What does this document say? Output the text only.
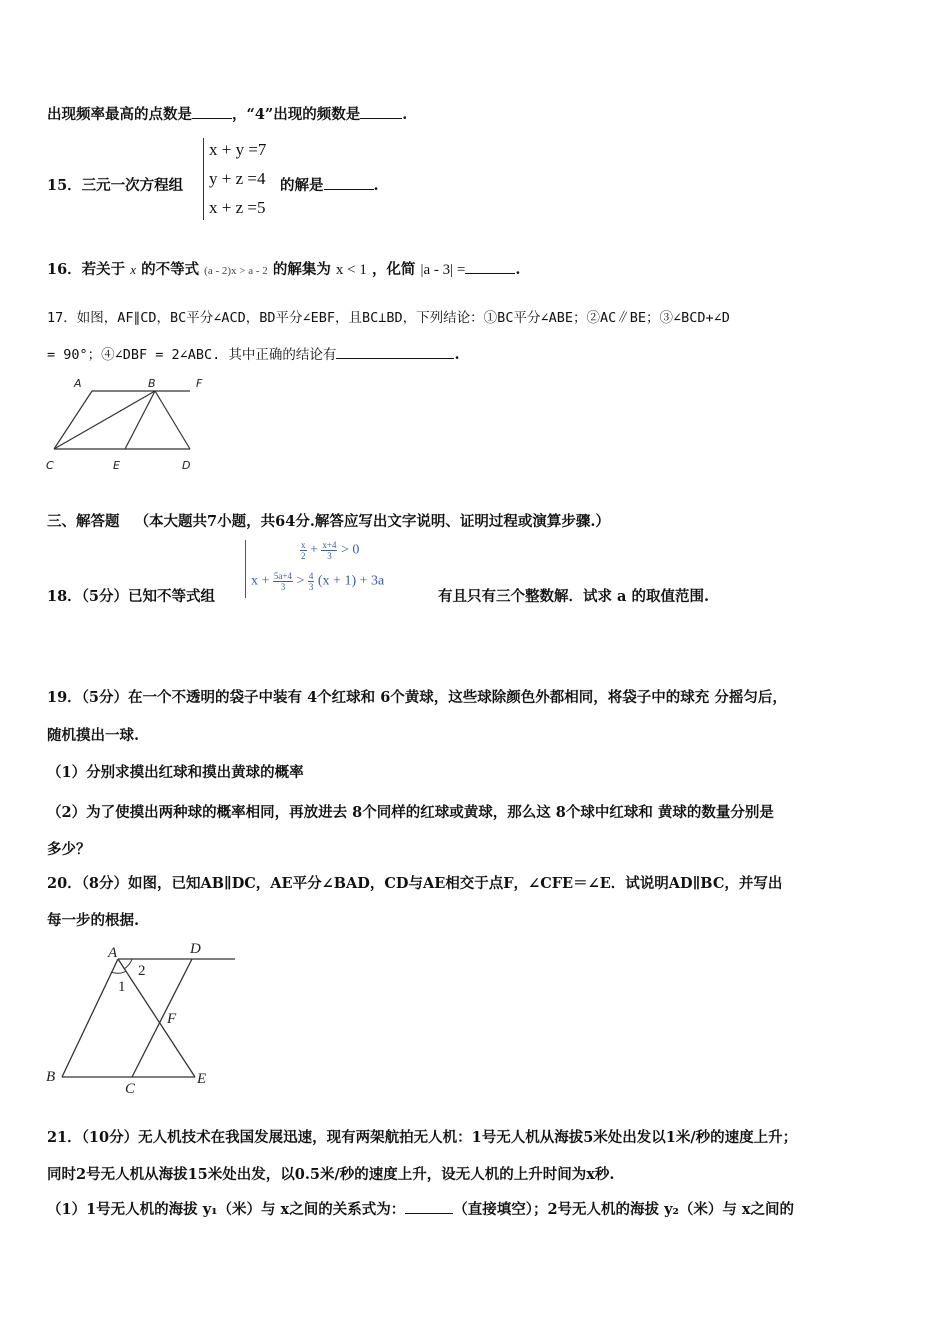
出现频率最高的点数是	，“4”出现的频数是	.
15．三元一次方程组
x + y =7
y + z =4
x + z =5
的解是	.
16．若关于 x 的不等式 (a - 2)x > a - 2 的解集为 x < 1 ，化简 |a - 3| =	.
17．如图，AF∥CD，BC平分∠ACD，BD平分∠EBF，且BC⊥BD，下列结论：①BC平分∠ABE；②AC∥BE；③∠BCD+∠D
= 90°；④∠DBF = 2∠ABC. 其中正确的结论有	.
A	B	F
C	E	D
三、解答题 （本大题共7小题，共64分.解答应写出文字说明、证明过程或演算步骤.）
18．（5分）已知不等式组
$\frac{x}{2} + \frac{x+4}{3} > 0$
$x + \frac{5a+4}{3} > \frac{4}{3} (x + 1) + 3a$
有且只有三个整数解．试求 a 的取值范围.
19．（5分）在一个不透明的袋子中装有 4个红球和 6个黄球，这些球除颜色外都相同，将袋子中的球充 分摇匀后，
随机摸出一球.
（1）分别求摸出红球和摸出黄球的概率
（2）为了使摸出两种球的概率相同，再放进去 8个同样的红球或黄球，那么这 8个球中红球和 黄球的数量分别是
多少？
20．（8分）如图，已知AB∥DC，AE平分∠BAD，CD与AE相交于点F，∠CFE＝∠E．试说明AD∥BC，并写出
每一步的根据.
A	D
1
2
F
B
C
E
21．（10分）无人机技术在我国发展迅速，现有两架航拍无人机：1号无人机从海拔5米处出发以1米/秒的速度上升；
同时2号无人机从海拔15米处出发，以0.5米/秒的速度上升，设无人机的上升时间为x秒.
（1）1号无人机的海拔 y₁（米）与 x之间的关系式为：	（直接填空）；2号无人机的海拔 y₂（米）与 x之间的
